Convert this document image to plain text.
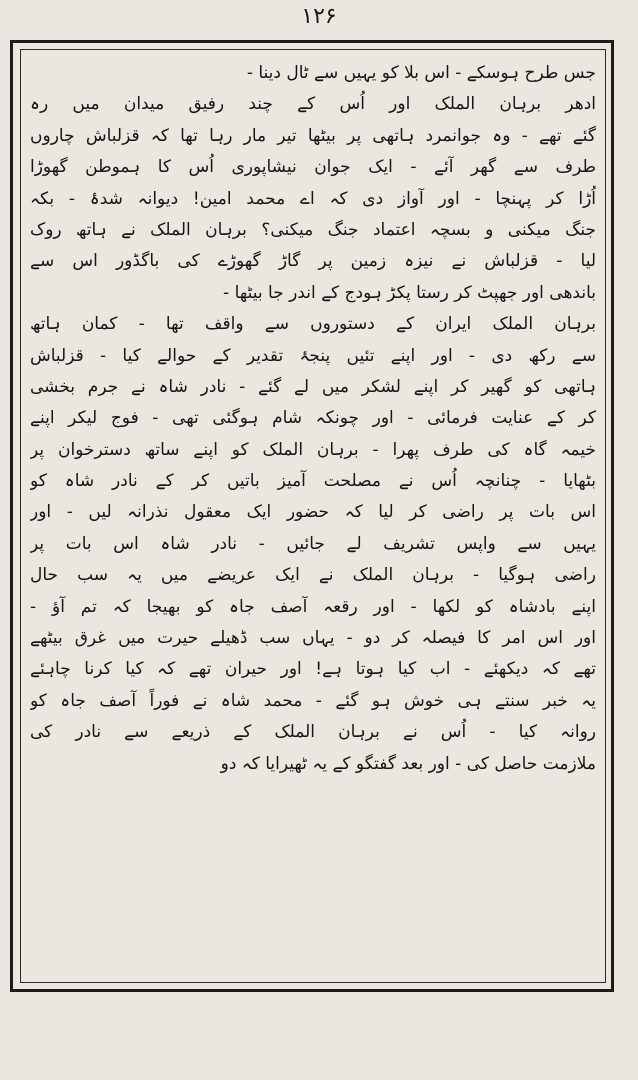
۱۲۶
جس طرح ہوسکے - اس بلا کو یہیں سے ٹال دینا -
ادھر برہان الملک اور اُس کے چند رفیق میدان میں رہ
گئے تھے - وہ جوانمرد ہاتھی پر بیٹھا تیر مار رہا تھا کہ قزلباش چاروں
طرف سے گھر آئے - ایک جوان نیشاپوری اُس کا ہموطن گھوڑا
اُڑا کر پہنچا - اور آواز دی کہ اے محمد امین! دیوانہ شدۂ - بکہ
جنگ میکنی و بسچہ اعتماد جنگ میکنی؟ برہان الملک نے ہاتھ روک
لیا - قزلباش نے نیزہ زمین پر گاڑ گھوڑے کی باگڈور اس سے
باندھی اور جھپٹ کر رستا پکڑ ہودج کے اندر جا بیٹھا -
برہان الملک ایران کے دستوروں سے واقف تھا - کمان ہاتھ
سے رکھ دی - اور اپنے تئیں پنجۂ تقدیر کے حوالے کیا - قزلباش
ہاتھی کو گھیر کر اپنے لشکر میں لے گئے - نادر شاہ نے جرم بخشی
کر کے عنایت فرمائی - اور چونکہ شام ہوگئی تھی - فوج لیکر اپنے
خیمہ گاہ کی طرف پھرا - برہان الملک کو اپنے ساتھ دسترخوان پر
بٹھایا - چنانچہ اُس نے مصلحت آمیز باتیں کر کے نادر شاہ کو
اس بات پر راضی کر لیا کہ حضور ایک معقول نذرانہ لیں - اور
یہیں سے واپس تشریف لے جائیں - نادر شاہ اس بات پر
راضی ہوگیا - برہان الملک نے ایک عریضے میں یہ سب حال
اپنے بادشاہ کو لکھا - اور رقعہ آصف جاہ کو بھیجا کہ تم آؤ -
اور اس امر کا فیصلہ کر دو - یہاں سب ڈھیلے حیرت میں غرق بیٹھے
تھے کہ دیکھئے - اب کیا ہوتا ہے! اور حیران تھے کہ کیا کرنا چاہئے
یہ خبر سنتے ہی خوش ہو گئے - محمد شاہ نے فوراً آصف جاہ کو
روانہ کیا - اُس نے برہان الملک کے ذریعے سے نادر کی
ملازمت حاصل کی - اور بعد گفتگو کے یہ ٹھیرایا کہ دو
